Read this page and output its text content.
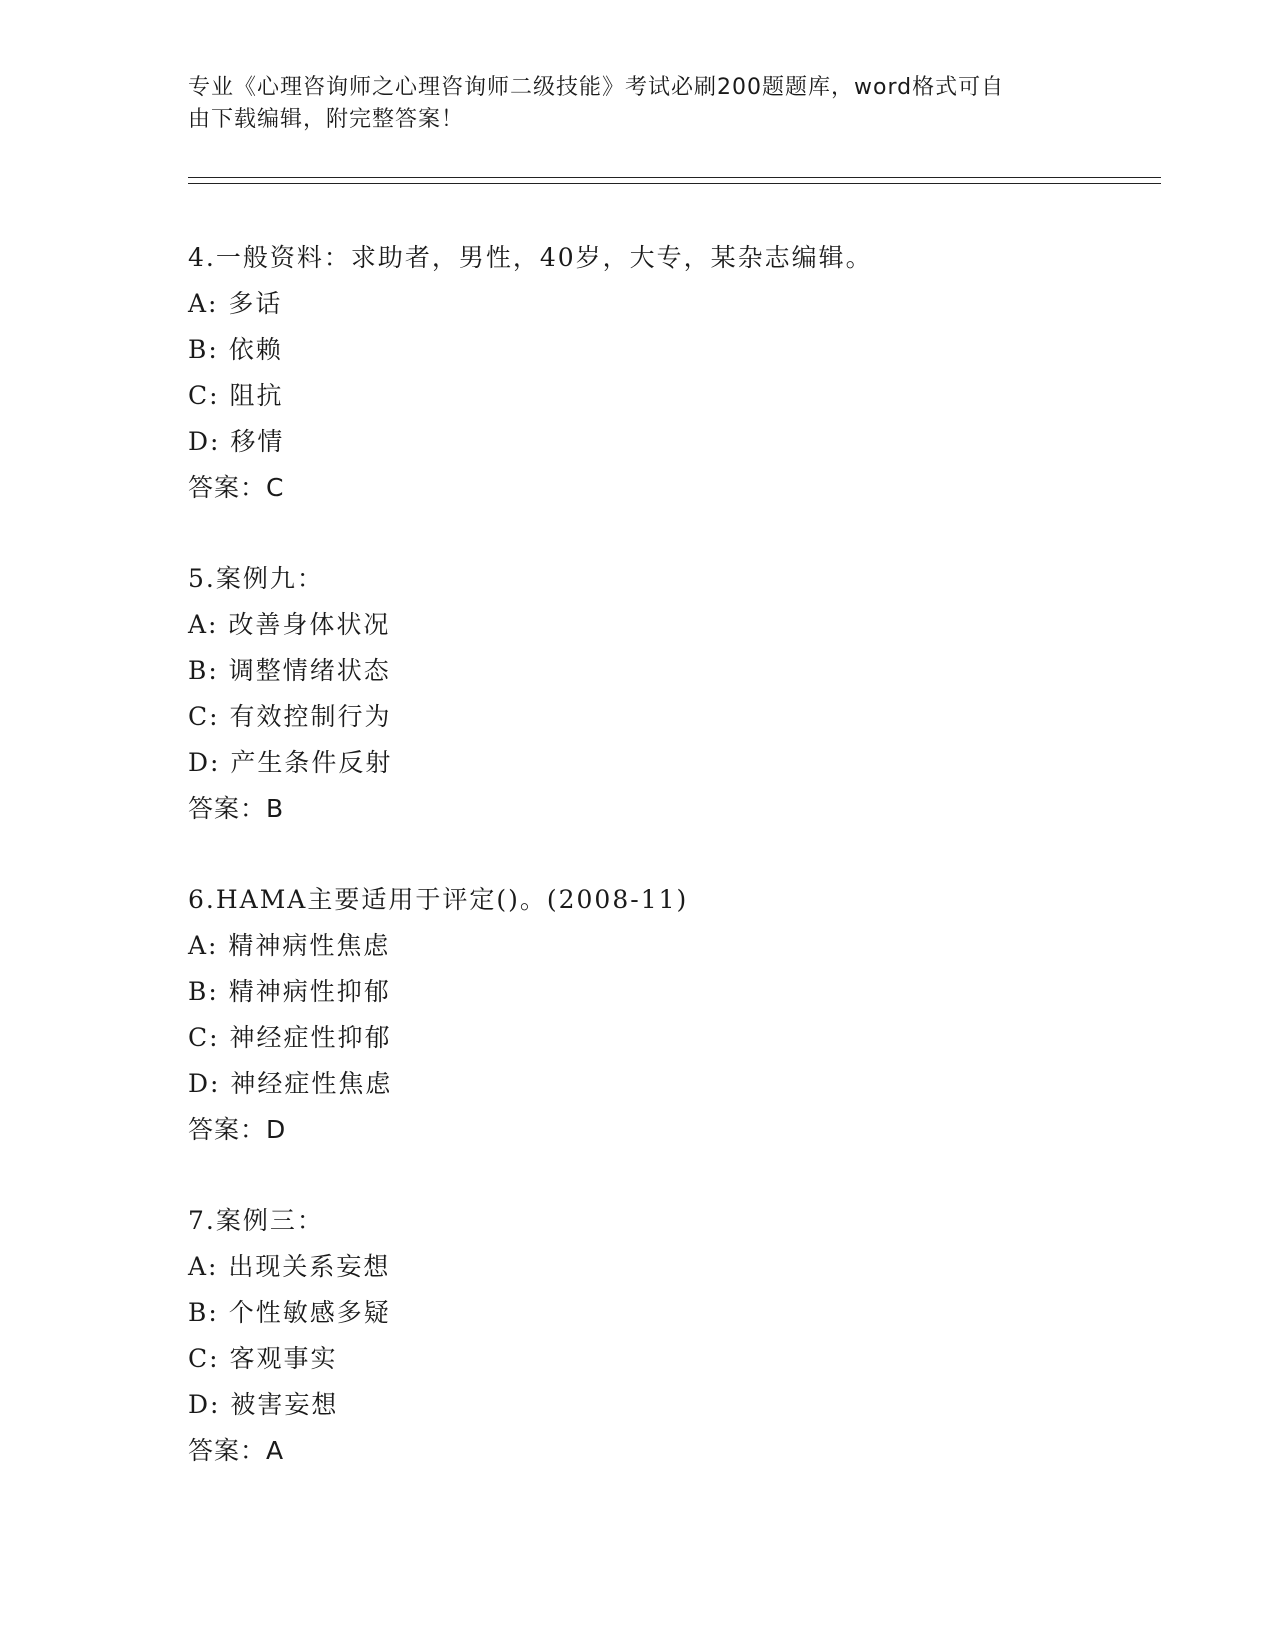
专业《心理咨询师之心理咨询师二级技能》考试必刷200题题库，word格式可自
由下载编辑，附完整答案！
4.一般资料：求助者，男性，40岁，大专，某杂志编辑。
A: 多话
B: 依赖
C: 阻抗
D: 移情
答案：C
5.案例九：
A: 改善身体状况
B: 调整情绪状态
C: 有效控制行为
D: 产生条件反射
答案：B
6.HAMA主要适用于评定()。(2008-11)
A: 精神病性焦虑
B: 精神病性抑郁
C: 神经症性抑郁
D: 神经症性焦虑
答案：D
7.案例三：
A: 出现关系妄想
B: 个性敏感多疑
C: 客观事实
D: 被害妄想
答案：A
